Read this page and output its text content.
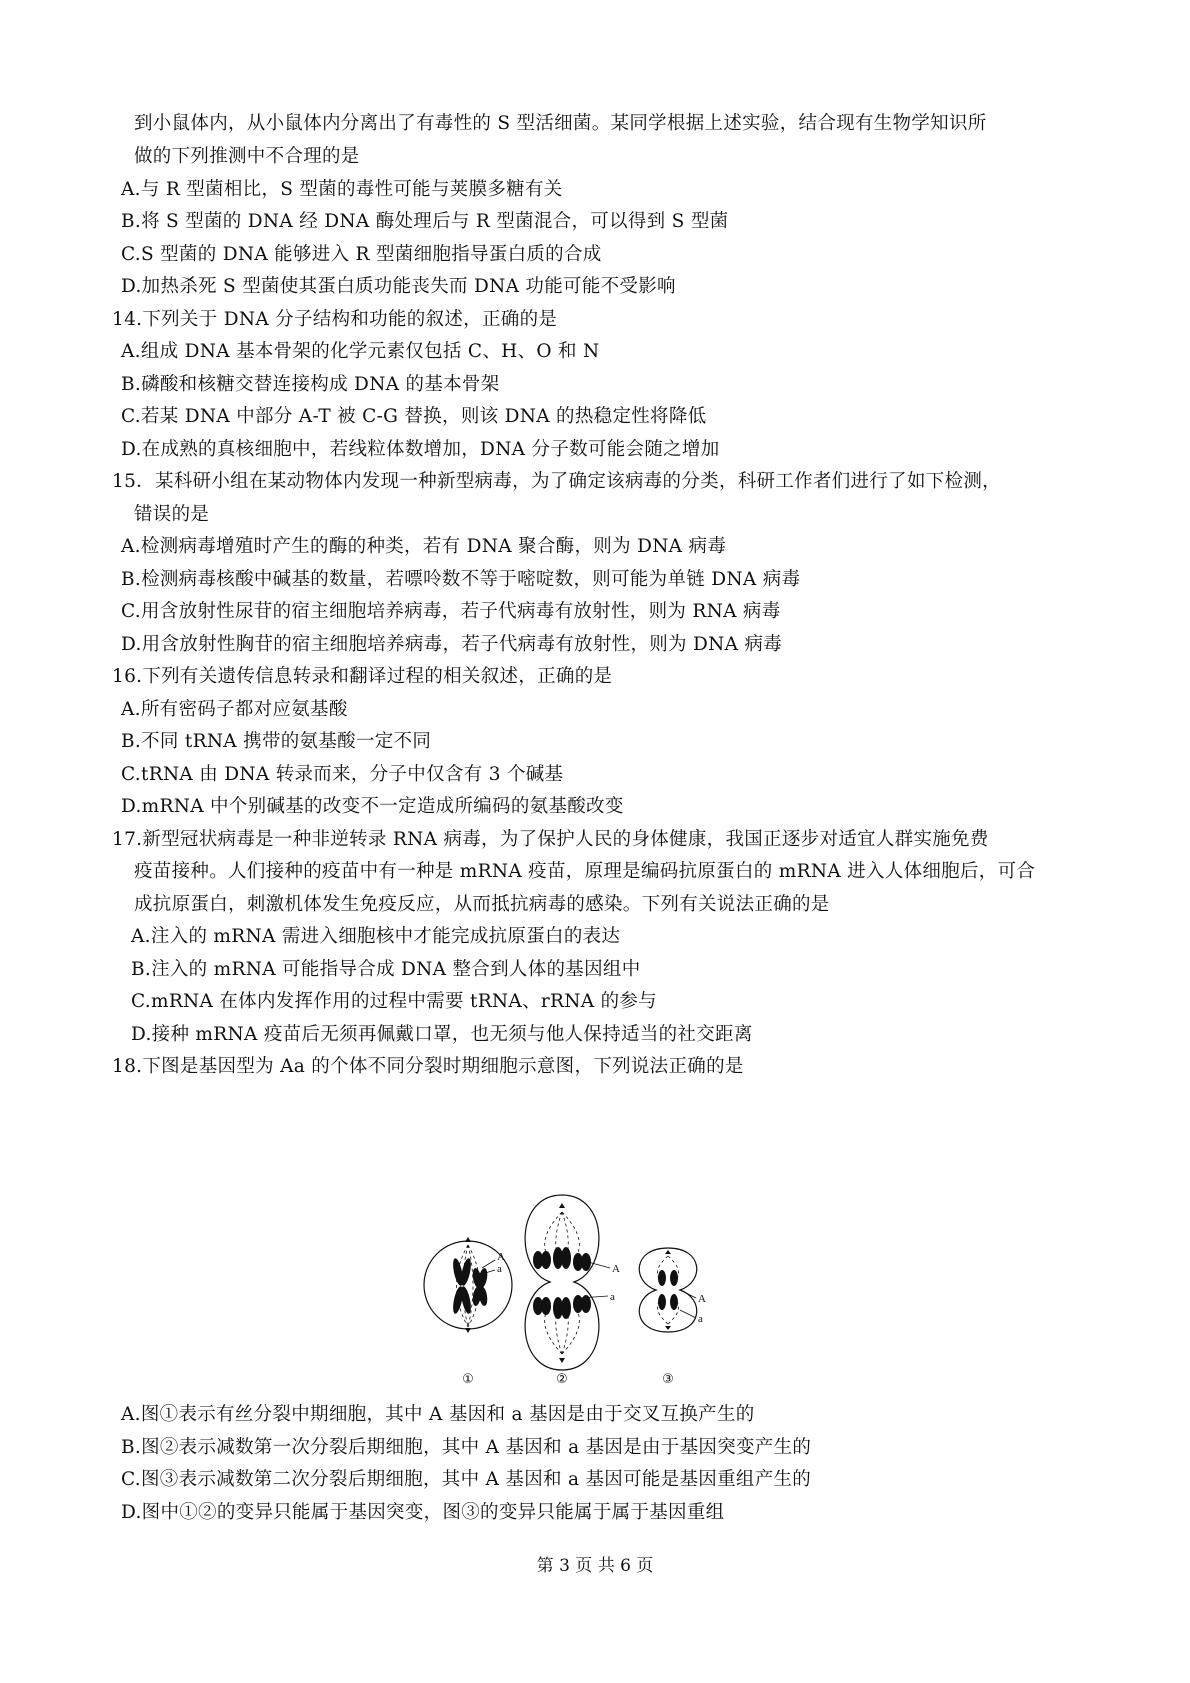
到小鼠体内，从小鼠体内分离出了有毒性的 S 型活细菌。某同学根据上述实验，结合现有生物学知识所
做的下列推测中不合理的是
A.与 R 型菌相比，S 型菌的毒性可能与荚膜多糖有关
B.将 S 型菌的 DNA 经 DNA 酶处理后与 R 型菌混合，可以得到 S 型菌
C.S 型菌的 DNA 能够进入 R 型菌细胞指导蛋白质的合成
D.加热杀死 S 型菌使其蛋白质功能丧失而 DNA 功能可能不受影响
14.下列关于 DNA 分子结构和功能的叙述，正确的是
A.组成 DNA 基本骨架的化学元素仅包括 C、H、O 和 N
B.磷酸和核糖交替连接构成 DNA 的基本骨架
C.若某 DNA 中部分 A-T 被 C-G 替换，则该 DNA 的热稳定性将降低
D.在成熟的真核细胞中，若线粒体数增加，DNA 分子数可能会随之增加
15．某科研小组在某动物体内发现一种新型病毒，为了确定该病毒的分类，科研工作者们进行了如下检测，
错误的是
A.检测病毒增殖时产生的酶的种类，若有 DNA 聚合酶，则为 DNA 病毒
B.检测病毒核酸中碱基的数量，若嘌呤数不等于嘧啶数，则可能为单链 DNA 病毒
C.用含放射性尿苷的宿主细胞培养病毒，若子代病毒有放射性，则为 RNA 病毒
D.用含放射性胸苷的宿主细胞培养病毒，若子代病毒有放射性，则为 DNA 病毒
16.下列有关遗传信息转录和翻译过程的相关叙述，正确的是
A.所有密码子都对应氨基酸
B.不同 tRNA 携带的氨基酸一定不同
C.tRNA 由 DNA 转录而来，分子中仅含有 3 个碱基
D.mRNA 中个别碱基的改变不一定造成所编码的氨基酸改变
17.新型冠状病毒是一种非逆转录 RNA 病毒，为了保护人民的身体健康，我国正逐步对适宜人群实施免费
疫苗接种。人们接种的疫苗中有一种是 mRNA 疫苗，原理是编码抗原蛋白的 mRNA 进入人体细胞后，可合
成抗原蛋白，刺激机体发生免疫反应，从而抵抗病毒的感染。下列有关说法正确的是
A.注入的 mRNA 需进入细胞核中才能完成抗原蛋白的表达
B.注入的 mRNA 可能指导合成 DNA 整合到人体的基因组中
C.mRNA 在体内发挥作用的过程中需要 tRNA、rRNA 的参与
D.接种 mRNA 疫苗后无须再佩戴口罩，也无须与他人保持适当的社交距离
18.下图是基因型为 Aa 的个体不同分裂时期细胞示意图，下列说法正确的是
A
a	A
a	A
a
①	②	③
A.图①表示有丝分裂中期细胞，其中 A 基因和 a 基因是由于交叉互换产生的
B.图②表示减数第一次分裂后期细胞，其中 A 基因和 a 基因是由于基因突变产生的
C.图③表示减数第二次分裂后期细胞，其中 A 基因和 a 基因可能是基因重组产生的
D.图中①②的变异只能属于基因突变，图③的变异只能属于属于基因重组
第 3 页 共 6 页
